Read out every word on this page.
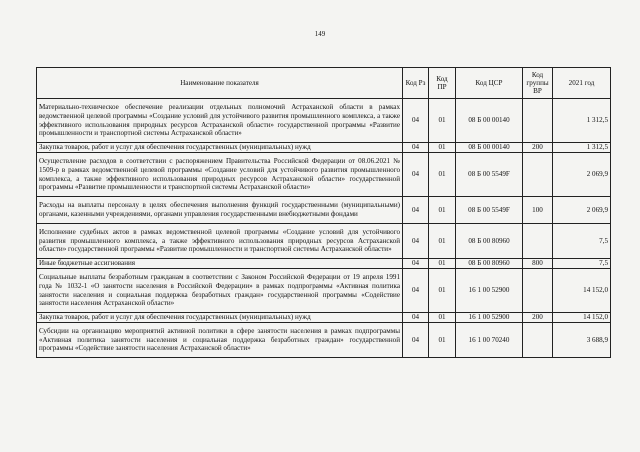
149
Наименование показателя	Код Рз	Код ПР	Код ЦСР	Код группы ВР	2021 год
Материально-техническое обеспечение реализации отдельных полномочий Астраханской области в рамках ведомственной целевой программы «Создание условий для устойчивого развития промышленного комплекса, а также эффективного использования природных ресурсов Астраханской области» государственной программы «Развитие промышленности и транспортной системы Астраханской области»	04	01	08 Б 00 00140		1 312,5
Закупка товаров, работ и услуг для обеспечения государственных (муниципальных) нужд	04	01	08 Б 00 00140	200	1 312,5
Осуществление расходов в соответствии с распоряжением Правительства Российской Федерации от 08.06.2021 № 1509-р в рамках ведомственной целевой программы «Создание условий для устойчивого развития промышленного комплекса, а также эффективного использования природных ресурсов Астраханской области» государственной программы «Развитие промышленности и транспортной системы Астраханской области»	04	01	08 Б 00 5549F		2 069,9
Расходы на выплаты персоналу в целях обеспечения выполнения функций государственными (муниципальными) органами, казенными учреждениями, органами управления государственными внебюджетными фондами	04	01	08 Б 00 5549F	100	2 069,9
Исполнение судебных актов в рамках ведомственной целевой программы «Создание условий для устойчивого развития промышленного комплекса, а также эффективного использования природных ресурсов Астраханской области» государственной программы «Развитие промышленности и транспортной системы Астраханской области»	04	01	08 Б 00 80960		7,5
Иные бюджетные ассигнования	04	01	08 Б 00 80960	800	7,5
Социальные выплаты безработным гражданам в соответствии с Законом Российской Федерации от 19 апреля 1991 года № 1032-1 «О занятости населения в Российской Федерации» в рамках подпрограммы «Активная политика занятости населения и социальная поддержка безработных граждан» государственной программы «Содействие занятости населения Астраханской области»	04	01	16 1 00 52900		14 152,0
Закупка товаров, работ и услуг для обеспечения государственных (муниципальных) нужд	04	01	16 1 00 52900	200	14 152,0
Субсидии на организацию мероприятий активной политики в сфере занятости населения в рамках подпрограммы «Активная политика занятости населения и социальная поддержка безработных граждан» государственной программы «Содействие занятости населения Астраханской области»	04	01	16 1 00 70240		3 688,9
